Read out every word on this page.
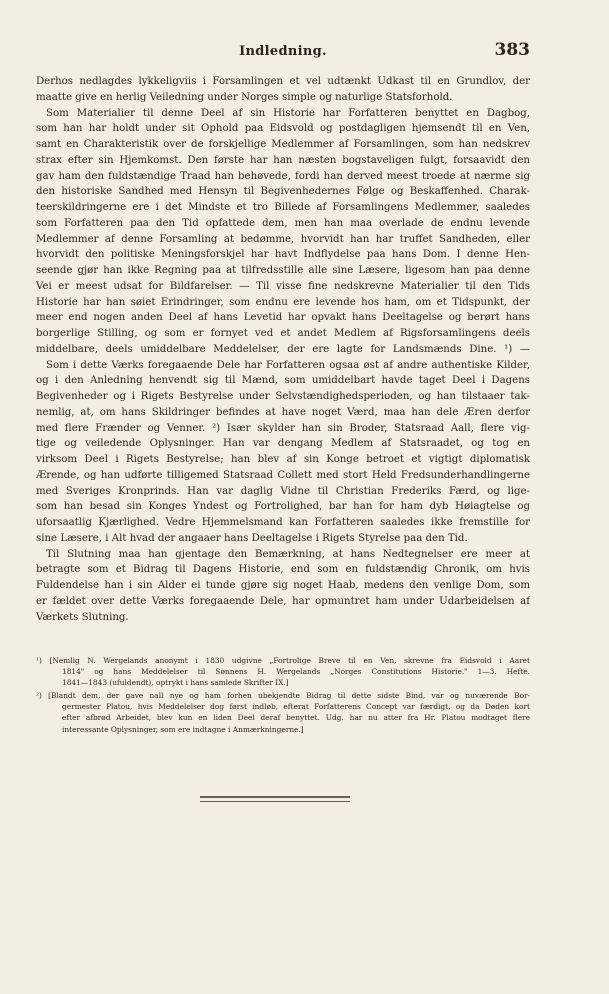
Indledning.	383
Derhos nedlagdes lykkeligviis i Forsamlingen et vel udtænkt Udkast til en Grundlov, der
maatte give en herlig Veiledning under Norges simple og naturlige Statsforhold.
Som Materialier til denne Deel af sin Historie har Forfatteren benyttet en Dagbog,
som han har holdt under sit Ophold paa Eidsvold og postdagligen hjemsendt til en Ven,
samt en Charakteristik over de forskjellige Medlemmer af Forsamlingen, som han nedskrev
strax efter sin Hjemkomst. Den første har han næsten bogstaveligen fulgt, forsaavidt den
gav ham den fuldstændige Traad han behøvede, fordi han derved meest troede at nærme sig
den historiske Sandhed med Hensyn til Begivenhedernes Følge og Beskaffenhed. Charak-
teerskildringerne ere i det Mindste et tro Billede af Forsamlingens Medlemmer, saaledes
som Forfatteren paa den Tid opfattede dem, men han maa overlade de endnu levende
Medlemmer af denne Forsamling at bedømme, hvorvidt han har truffet Sandheden, eller
hvorvidt den politiske Meningsforskjel har havt Indflydelse paa hans Dom. I denne Hen-
seende gjør han ikke Regning paa at tilfredsstille alle sine Læsere, ligesom han paa denne
Vei er meest udsat for Bildfarelser. — Til visse fine nedskrevne Materialier til den Tids
Historie har han søiet Erindringer, som endnu ere levende hos ham, om et Tidspunkt, der
meer end nogen anden Deel af hans Levetid har opvakt hans Deeltagelse og berørt hans
borgerlige Stilling, og som er fornyet ved et andet Medlem af Rigsforsamlingens deels
middelbare, deels umiddelbare Meddelelser, der ere lagte for Landsmænds Dine. ¹) —
Som i dette Værks foregaaende Dele har Forfatteren ogsaa øst af andre authentiske Kilder,
og i den Anledning henvendt sig til Mænd, som umiddelbart havde taget Deel i Dagens
Begivenheder og i Rigets Bestyrelse under Selvstændighedsperioden, og han tilstaaer tak-
nemlig, at, om hans Skildringer befindes at have noget Værd, maa han dele Æren derfor
med flere Frænder og Venner. ²) Især skylder han sin Broder, Statsraad Aall, flere vig-
tige og veiledende Oplysninger. Han var dengang Medlem af Statsraadet, og tog en
virksom Deel i Rigets Bestyrelse; han blev af sin Konge betroet et vigtigt diplomatisk
Ærende, og han udførte tilligemed Statsraad Collett med stort Held Fredsunderhandlingerne
med Sveriges Kronprinds. Han var daglig Vidne til Christian Frederiks Færd, og lige-
som han besad sin Konges Yndest og Fortrolighed, bar han for ham dyb Høiagtelse og
uforsaatlig Kjærlighed. Vedre Hjemmelsmand kan Forfatteren saaledes ikke fremstille for
sine Læsere, i Alt hvad der angaaer hans Deeltagelse i Rigets Styrelse paa den Tid.
Til Slutning maa han gjentage den Bemærkning, at hans Nedtegnelser ere meer at
betragte som et Bidrag til Dagens Historie, end som en fuldstændig Chronik, om hvis
Fuldendelse han i sin Alder ei tunde gjøre sig noget Haab, medens den venlige Dom, som
er fældet over dette Værks foregaaende Dele, har opmuntret ham under Udarbeidelsen af
Værkets Slutning.
¹) [Nemlig N. Wergelands anonymt i 1830 udgivne „Fortrolige Breve til en Ven, skrevne fra Eidsvold i Aaret
1814" og hans Meddelelser til Sønnens H. Wergelands „Norges Constitutions Historie." 1—3. Hefte.
1841—1843 (ufuldendt), optrykt i hans samlede Skrifter IX.]
²) [Blandt dem, der gave nall nye og ham forhen ubekjendte Bidrag til dette sidste Bind, var og nuværende Bor-
germester Platou, hvis Meddelelser dog først indløb, efterat Forfatterens Concept var færdigt, og da Døden kort
efter afbrød Arbeidet, blev kun en liden Deel deraf benyttet. Udg. har nu atter fra Hr. Platou modtaget flere
interessante Oplysninger, som ere indtagne i Anmærkningerne.]
